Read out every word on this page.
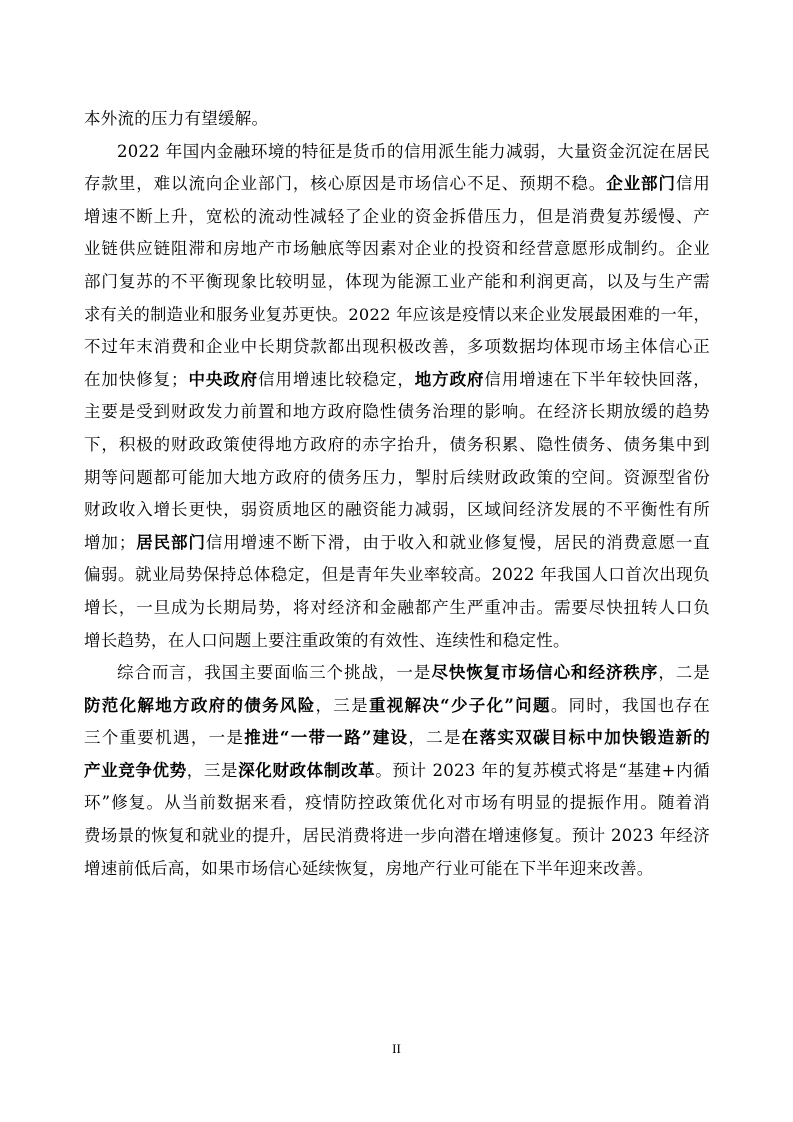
本外流的压力有望缓解。
2022 年国内金融环境的特征是货币的信用派生能力减弱，大量资金沉淀在居民
存款里，难以流向企业部门，核心原因是市场信心不足、预期不稳。企业部门信用
增速不断上升，宽松的流动性减轻了企业的资金拆借压力，但是消费复苏缓慢、产
业链供应链阻滞和房地产市场触底等因素对企业的投资和经营意愿形成制约。企业
部门复苏的不平衡现象比较明显，体现为能源工业产能和利润更高，以及与生产需
求有关的制造业和服务业复苏更快。2022 年应该是疫情以来企业发展最困难的一年，
不过年末消费和企业中长期贷款都出现积极改善，多项数据均体现市场主体信心正
在加快修复；中央政府信用增速比较稳定，地方政府信用增速在下半年较快回落，
主要是受到财政发力前置和地方政府隐性债务治理的影响。在经济长期放缓的趋势
下，积极的财政政策使得地方政府的赤字抬升，债务积累、隐性债务、债务集中到
期等问题都可能加大地方政府的债务压力，掣肘后续财政政策的空间。资源型省份
财政收入增长更快，弱资质地区的融资能力减弱，区域间经济发展的不平衡性有所
增加；居民部门信用增速不断下滑，由于收入和就业修复慢，居民的消费意愿一直
偏弱。就业局势保持总体稳定，但是青年失业率较高。2022 年我国人口首次出现负
增长，一旦成为长期局势，将对经济和金融都产生严重冲击。需要尽快扭转人口负
增长趋势，在人口问题上要注重政策的有效性、连续性和稳定性。
综合而言，我国主要面临三个挑战，一是尽快恢复市场信心和经济秩序，二是
防范化解地方政府的债务风险，三是重视解决“少子化”问题。同时，我国也存在
三个重要机遇，一是推进“一带一路”建设，二是在落实双碳目标中加快锻造新的
产业竞争优势，三是深化财政体制改革。预计 2023 年的复苏模式将是“基建+内循
环”修复。从当前数据来看，疫情防控政策优化对市场有明显的提振作用。随着消
费场景的恢复和就业的提升，居民消费将进一步向潜在增速修复。预计 2023 年经济
增速前低后高，如果市场信心延续恢复，房地产行业可能在下半年迎来改善。
II
